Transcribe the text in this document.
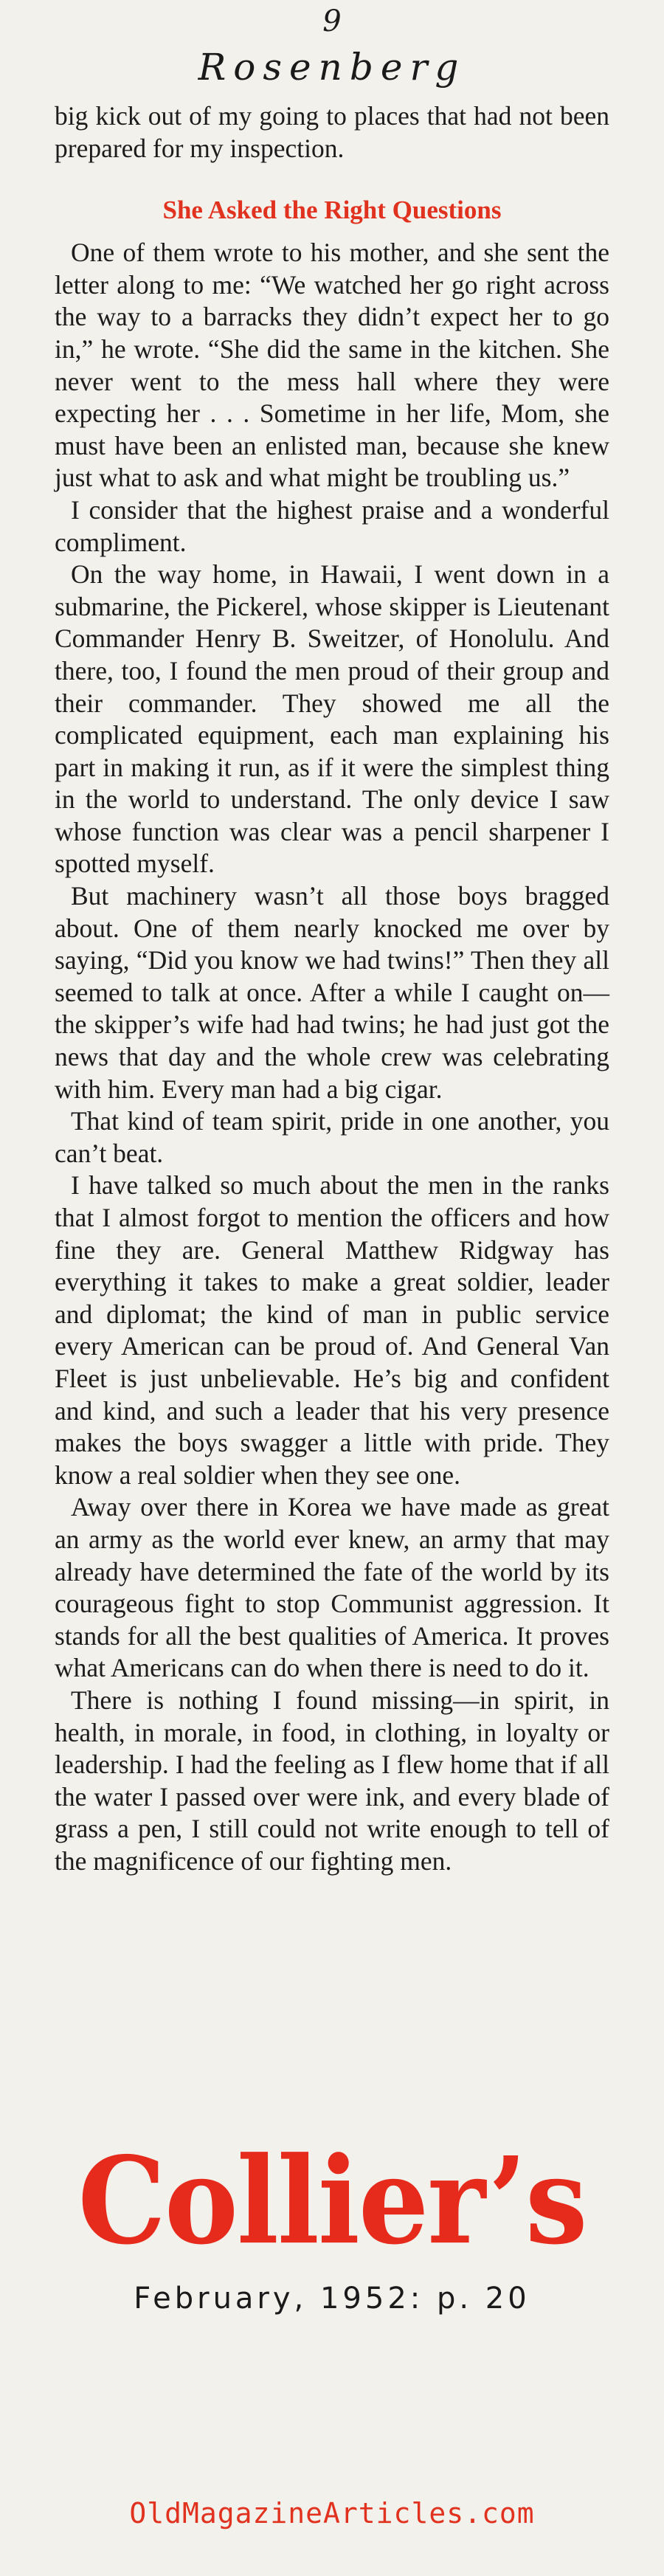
9
Rosenberg

big kick out of my going to places that had not been prepared for my inspection.

She Asked the Right Questions

One of them wrote to his mother, and she sent the letter along to me: “We watched her go right across the way to a barracks they didn’t expect her to go in,” he wrote. “She did the same in the kitchen. She never went to the mess hall where they were expecting her . . . Sometime in her life, Mom, she must have been an enlisted man, because she knew just what to ask and what might be troubling us.”

I consider that the highest praise and a wonderful compliment.

On the way home, in Hawaii, I went down in a submarine, the Pickerel, whose skipper is Lieutenant Commander Henry B. Sweitzer, of Honolulu. And there, too, I found the men proud of their group and their commander. They showed me all the complicated equipment, each man explaining his part in making it run, as if it were the simplest thing in the world to understand. The only device I saw whose function was clear was a pencil sharpener I spotted myself.

But machinery wasn’t all those boys bragged about. One of them nearly knocked me over by saying, “Did you know we had twins!” Then they all seemed to talk at once. After a while I caught on—the skipper’s wife had had twins; he had just got the news that day and the whole crew was celebrating with him. Every man had a big cigar.

That kind of team spirit, pride in one another, you can’t beat.

I have talked so much about the men in the ranks that I almost forgot to mention the officers and how fine they are. General Matthew Ridgway has everything it takes to make a great soldier, leader and diplomat; the kind of man in public service every American can be proud of. And General Van Fleet is just unbelievable. He’s big and confident and kind, and such a leader that his very presence makes the boys swagger a little with pride. They know a real soldier when they see one.

Away over there in Korea we have made as great an army as the world ever knew, an army that may already have determined the fate of the world by its courageous fight to stop Communist aggression. It stands for all the best qualities of America. It proves what Americans can do when there is need to do it.

There is nothing I found missing—in spirit, in health, in morale, in food, in clothing, in loyalty or leadership. I had the feeling as I flew home that if all the water I passed over were ink, and every blade of grass a pen, I still could not write enough to tell of the magnificence of our fighting men.

Collier’s
February, 1952: p. 20
OldMagazineArticles.com
